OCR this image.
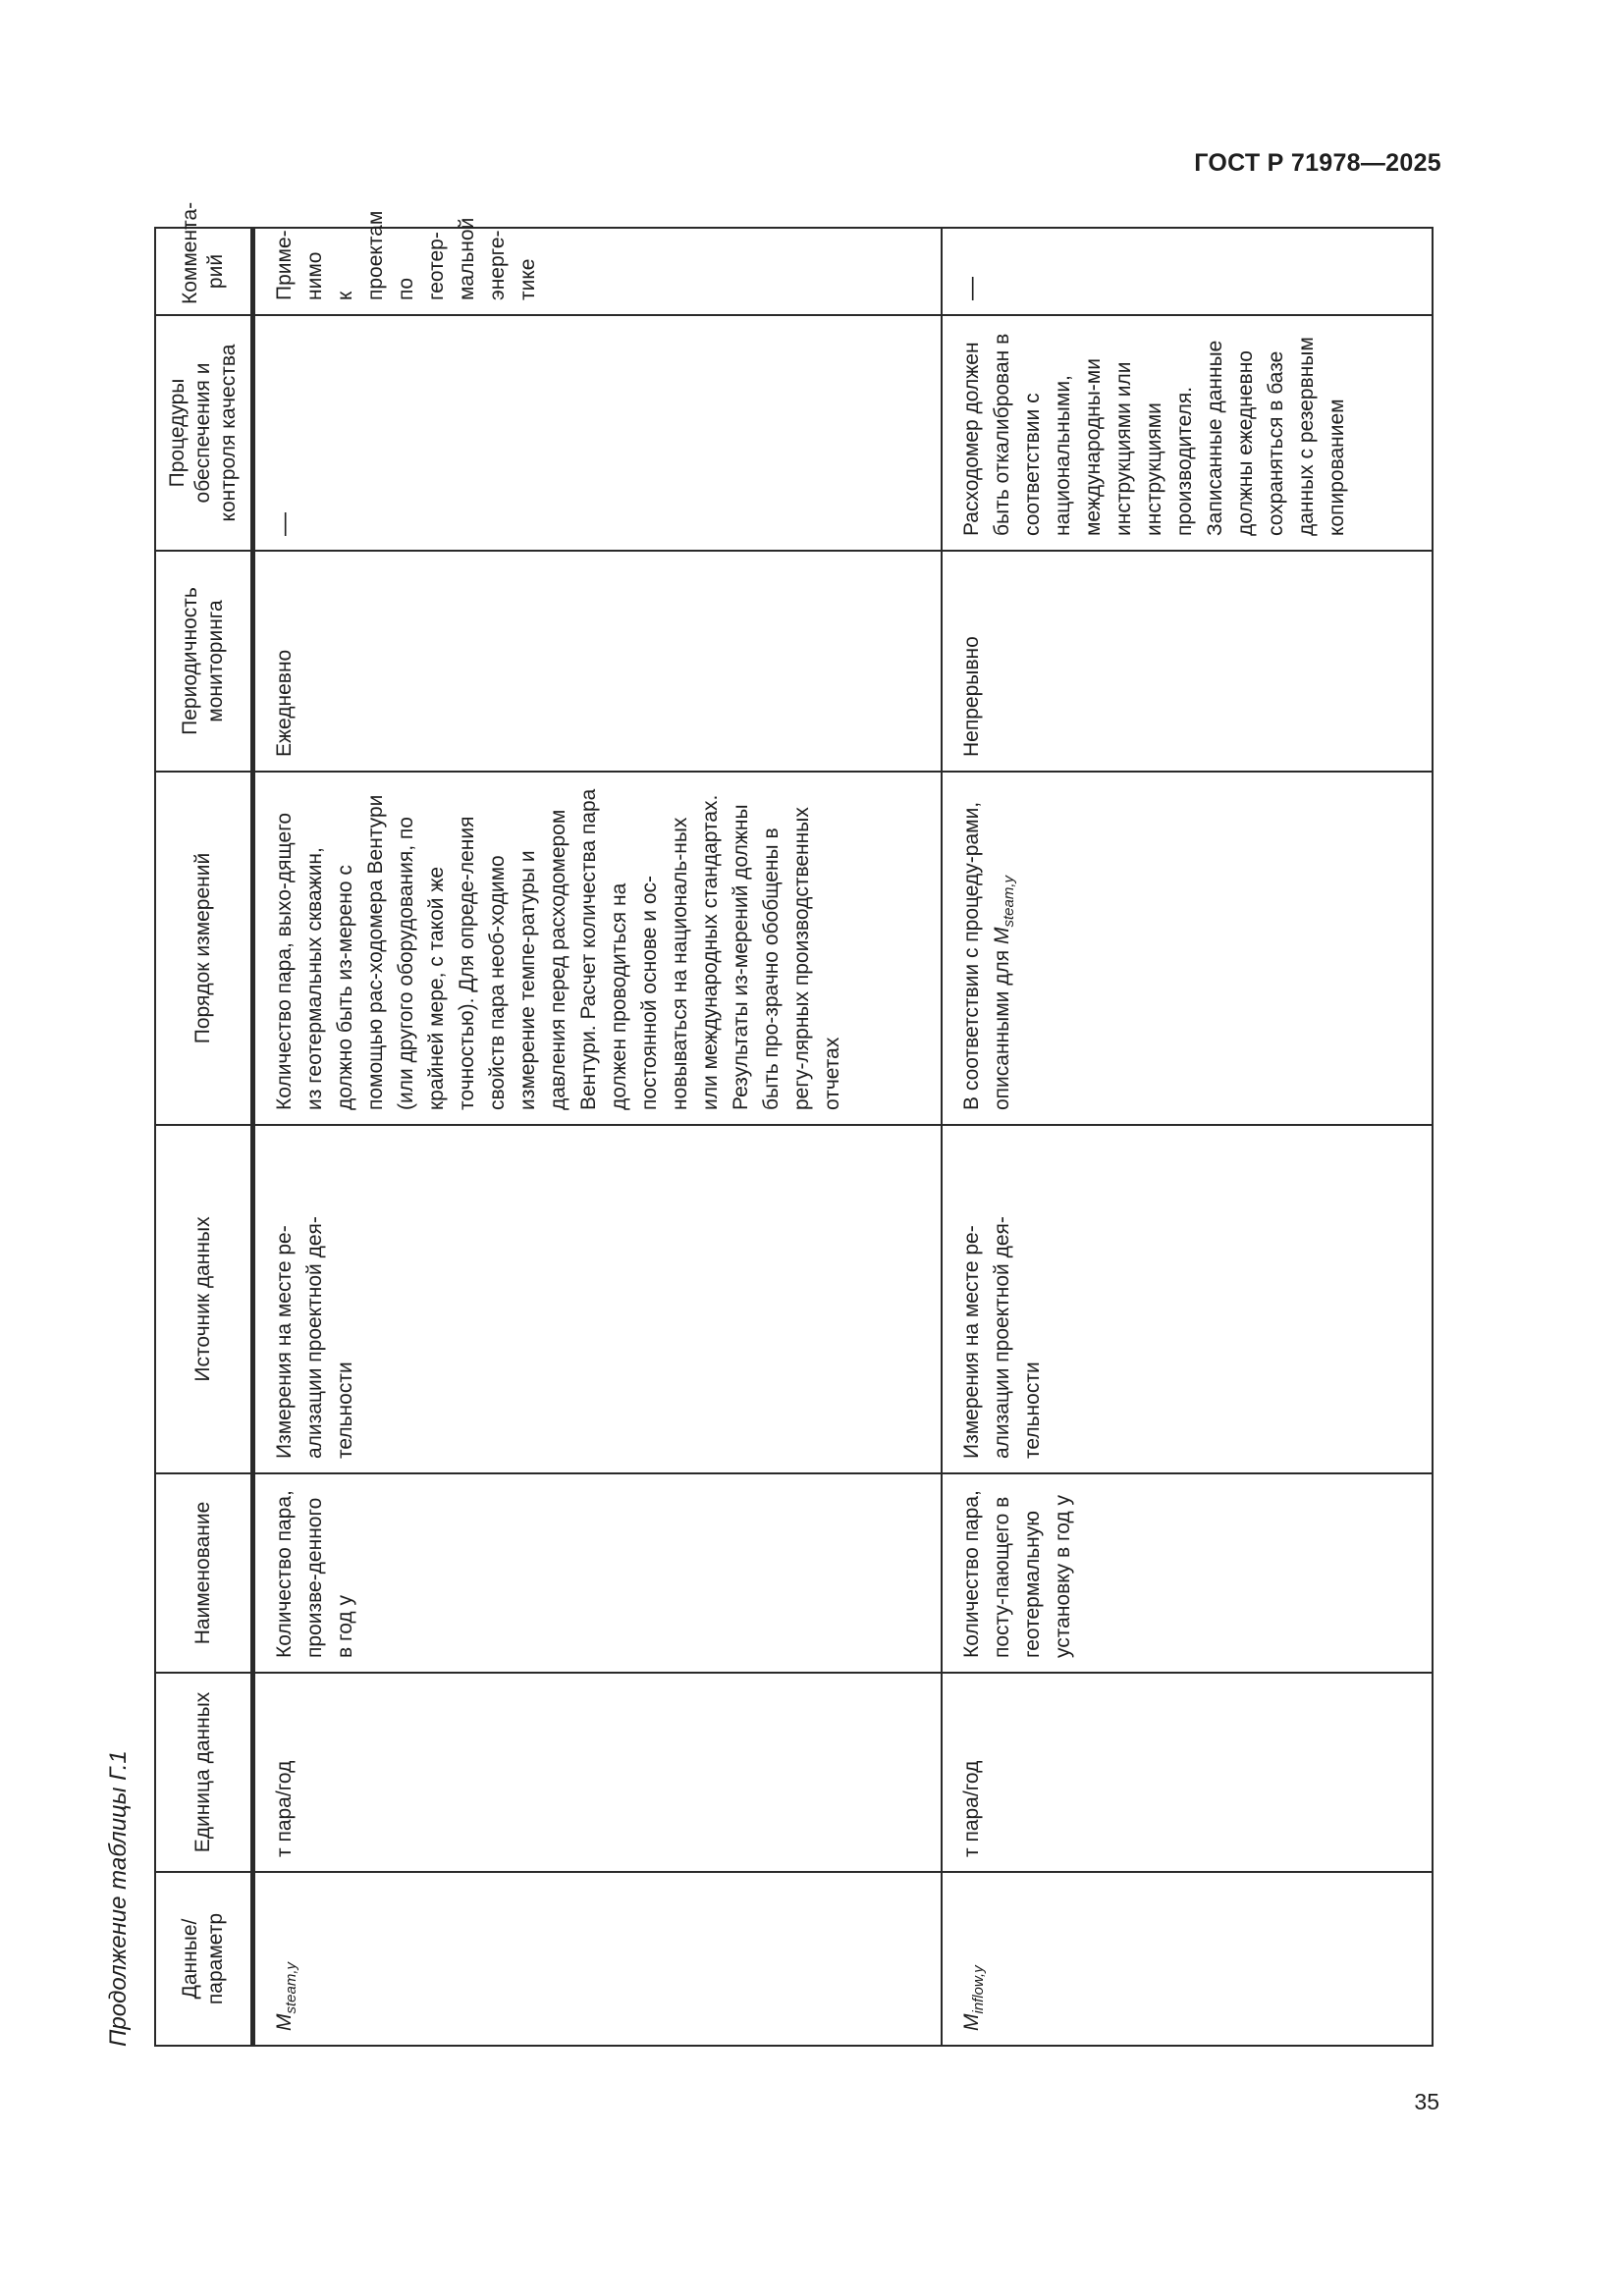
ГОСТ Р 71978—2025
Продолжение таблицы Г.1 Данные/ параметр	Единица данных	Наименование	Источник данных	Порядок измерений	Периодичность мониторинга	Процедуры обеспечения и контроля качества	Коммента-рий

$M_{steam,y}$	т пара/год	Количество пара, произве-денного в год y	Измерения на месте ре-ализации проектной дея-тельности	Количество пара, выхо-дящего из геотермальных скважин, должно быть из-мерено с помощью рас-ходомера Вентури (или другого оборудования, по крайней мере, с такой же точностью). Для опреде-ления свойств пара необ-ходимо измерение темпе-ратуры и давления перед расходомером Вентури. Расчет количества пара должен проводиться на постоянной основе и ос-новываться на националь-ных или международных стандартах. Результаты из-мерений должны быть про-зрачно обобщены в регу-лярных производственных отчетах	Ежедневно	—	Приме-нимо к проектам по геотер-мальной энерге-тике
$M_{inflow,y}$	т пара/год	Количество пара, посту-пающего в геотермальную установку в год y	Измерения на месте ре-ализации проектной дея-тельности	В соответствии с процеду-рами, описанными для $M_{steam,y}$	Непрерывно	Расходомер должен быть откалиброван в соответствии с национальными, международны-ми инструкциями или инструкциями производителя. Записанные данные должны ежедневно сохраняться в базе данных с резервным копированием	—
35
